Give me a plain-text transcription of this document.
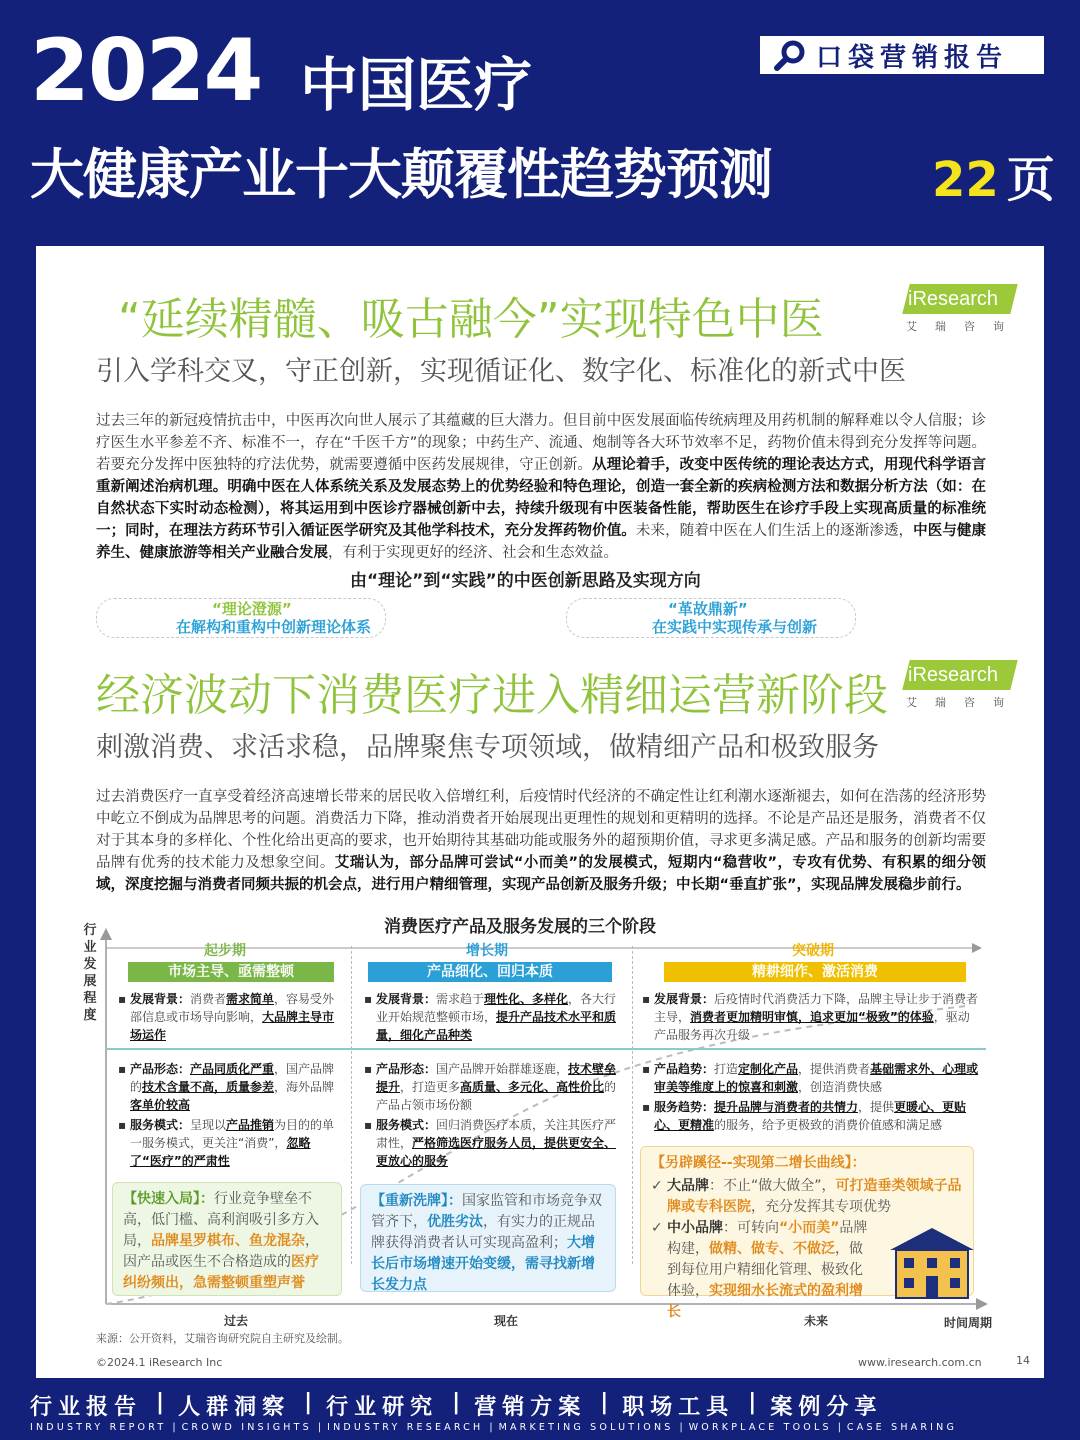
2024 中国医疗
大健康产业十大颠覆性趋势预测	22 页
口袋营销报告
iResearch
艾瑞咨询
“延续精髓、吸古融今”实现特色中医
引入学科交叉，守正创新，实现循证化、数字化、标准化的新式中医
过去三年的新冠疫情抗击中，中医再次向世人展示了其蕴藏的巨大潜力。但目前中医发展面临传统病理及用药机制的解释难以令人信服；诊疗医生水平参差不齐、标准不一，存在“千医千方”的现象；中药生产、流通、炮制等各大环节效率不足，药物价值未得到充分发挥等问题。若要充分发挥中医独特的疗法优势，就需要遵循中医药发展规律，守正创新。从理论着手，改变中医传统的理论表达方式，用现代科学语言重新阐述治病机理。明确中医在人体系统关系及发展态势上的优势经验和特色理论，创造一套全新的疾病检测方法和数据分析方法（如：在自然状态下实时动态检测），将其运用到中医诊疗器械创新中去，持续升级现有中医装备性能，帮助医生在诊疗手段上实现高质量的标准统一；同时，在理法方药环节引入循证医学研究及其他学科技术，充分发挥药物价值。未来，随着中医在人们生活上的逐渐渗透，中医与健康养生、健康旅游等相关产业融合发展，有利于实现更好的经济、社会和生态效益。
由“理论”到“实践”的中医创新思路及实现方向
“理论澄源”
在解构和重构中创新理论体系
“革故鼎新”
在实践中实现传承与创新
iResearch
艾瑞咨询
经济波动下消费医疗进入精细运营新阶段
刺激消费、求活求稳，品牌聚焦专项领域，做精细产品和极致服务
过去消费医疗一直享受着经济高速增长带来的居民收入倍增红利，后疫情时代经济的不确定性让红利潮水逐渐褪去，如何在浩荡的经济形势中屹立不倒成为品牌思考的问题。消费活力下降，推动消费者开始展现出更理性的规划和更精明的选择。不论是产品还是服务，消费者不仅对于其本身的多样化、个性化给出更高的要求，也开始期待其基础功能或服务外的超预期价值，寻求更多满足感。产品和服务的创新均需要品牌有优秀的技术能力及想象空间。艾瑞认为，部分品牌可尝试“小而美”的发展模式，短期内“稳营收”，专攻有优势、有积累的细分领域，深度挖掘与消费者同频共振的机会点，进行用户精细管理，实现产品创新及服务升级；中长期“垂直扩张”，实现品牌发展稳步前行。
消费医疗产品及服务发展的三个阶段
行业发展程度
过去	现在	未来	时间周期
起步期
市场主导、亟需整顿
▪ 发展背景：消费者需求简单，容易受外部信息或市场导向影响，大品牌主导市场运作
▪ 产品形态：产品同质化严重，国产品牌的技术含量不高，质量参差，海外品牌客单价较高
▪ 服务模式：呈现以产品推销为目的的单一服务模式，更关注“消费”，忽略了“医疗”的严肃性
【快速入局】：行业竞争壁垒不高，低门槛、高利润吸引多方入局，品牌星罗棋布、鱼龙混杂，因产品或医生不合格造成的医疗纠纷频出，急需整顿重塑声誉
增长期
产品细化、回归本质
▪ 发展背景：需求趋于理性化、多样化，各大行业开始规范整顿市场，提升产品技术水平和质量，细化产品种类
▪ 产品形态：国产品牌开始群雄逐鹿，技术壁垒提升，打造更多高质量、多元化、高性价比的产品占领市场份额
▪ 服务模式：回归消费医疗本质，关注其医疗严肃性，严格筛选医疗服务人员，提供更安全、更放心的服务
【重新洗牌】：国家监管和市场竞争双管齐下，优胜劣汰，有实力的正规品牌获得消费者认可实现高盈利；大增长后市场增速开始变缓，需寻找新增长发力点
突破期
精耕细作、激活消费
▪ 发展背景：后疫情时代消费活力下降，品牌主导让步于消费者主导，消费者更加精明审慎，追求更加“极致”的体验，驱动产品服务再次升级
▪ 产品趋势：打造定制化产品，提供消费者基础需求外、心理或审美等维度上的惊喜和刺激，创造消费快感
▪ 服务趋势：提升品牌与消费者的共情力，提供更暖心、更贴心、更精准的服务，给予更极致的消费价值感和满足感
【另辟蹊径--实现第二增长曲线】：
✓ 大品牌：不止“做大做全”，可打造垂类领域子品牌或专科医院，充分发挥其专项优势
✓ 中小品牌：可转向“小而美”品牌构建，做精、做专、不做泛，做到每位用户精细化管理、极致化体验，实现细水长流式的盈利增长
来源：公开资料，艾瑞咨询研究院自主研究及绘制。
©2024.1 iResearch Inc	www.iresearch.com.cn	14
行业报告 | 人群洞察 | 行业研究 | 营销方案 | 职场工具 | 案例分享
INDUSTRY REPORT | CROWD INSIGHTS | INDUSTRY RESEARCH | MARKETING SOLUTIONS | WORKPLACE TOOLS | CASE SHARING
